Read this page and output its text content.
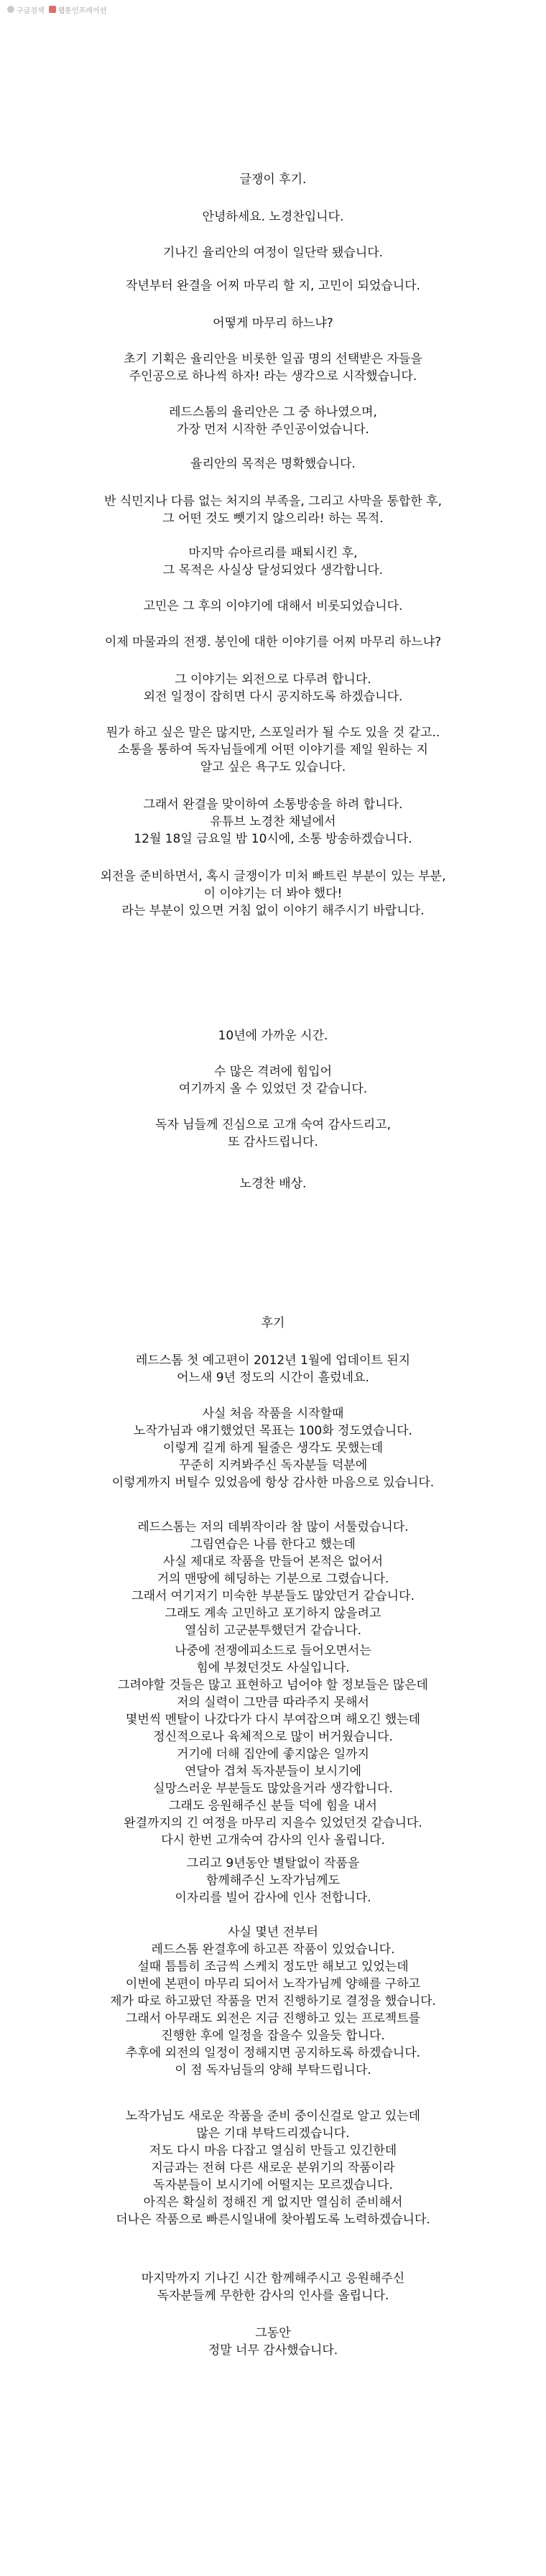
구글검색 웹툰인프레이션
글쟁이 후기.
안녕하세요. 노경찬입니다.
기나긴 율리안의 여정이 일단락 됐습니다.
작년부터 완결을 어찌 마무리 할 지, 고민이 되었습니다.
어떻게 마무리 하느냐?
초기 기획은 율리안을 비롯한 일곱 명의 선택받은 자들을
주인공으로 하나씩 하자! 라는 생각으로 시작했습니다.
레드스톰의 율리안은 그 중 하나였으며,
가장 먼저 시작한 주인공이었습니다.
율리안의 목적은 명확했습니다.
반 식민지나 다름 없는 처지의 부족을, 그리고 사막을 통합한 후,
그 어떤 것도 뺏기지 않으리라! 하는 목적.
마지막 슈아르리를 패퇴시킨 후,
그 목적은 사실상 달성되었다 생각합니다.
고민은 그 후의 이야기에 대해서 비롯되었습니다.
이제 마물과의 전쟁. 봉인에 대한 이야기를 어찌 마무리 하느냐?
그 이야기는 외전으로 다루려 합니다.
외전 일정이 잡히면 다시 공지하도록 하겠습니다.
뭔가 하고 싶은 말은 많지만, 스포일러가 될 수도 있을 것 같고..
소통을 통하여 독자님들에게 어떤 이야기를 제일 원하는 지
알고 싶은 욕구도 있습니다.
그래서 완결을 맞이하여 소통방송을 하려 합니다.
유튜브 노경찬 채널에서
12월 18일 금요일 밤 10시에, 소통 방송하겠습니다.
외전을 준비하면서, 혹시 글쟁이가 미처 빠트린 부분이 있는 부분,
이 이야기는 더 봐야 했다!
라는 부분이 있으면 거침 없이 이야기 해주시기 바랍니다.
10년에 가까운 시간.
수 많은 격려에 힘입어
여기까지 올 수 있었던 것 같습니다.
독자 님들께 진심으로 고개 숙여 감사드리고,
또 감사드립니다.
노경찬 배상.
후기
레드스톰 첫 예고편이 2012년 1월에 업데이트 된지
어느새 9년 정도의 시간이 흘렀네요.
사실 처음 작품을 시작할때
노작가님과 얘기했었던 목표는 100화 정도였습니다.
이렇게 길게 하게 될줄은 생각도 못했는데
꾸준히 지켜봐주신 독자분들 덕분에
이렇게까지 버틸수 있었음에 항상 감사한 마음으로 있습니다.
레드스톰는 저의 데뷔작이라 참 많이 서툴렀습니다.
그림연습은 나름 한다고 했는데
사실 제대로 작품을 만들어 본적은 없어서
거의 맨땅에 헤딩하는 기분으로 그렸습니다.
그래서 여기저기 미숙한 부분들도 많았던거 같습니다.
그래도 계속 고민하고 포기하지 않을려고
열심히 고군분투했던거 같습니다.
나중에 전쟁에피소드로 들어오면서는
힘에 부쳤던것도 사실입니다.
그려야할 것들은 많고 표현하고 넘어야 할 정보들은 많은데
저의 실력이 그만큼 따라주지 못해서
몇번씩 멘탈이 나갔다가 다시 부여잡으며 해오긴 했는데
정신적으로나 육체적으로 많이 버거웠습니다.
거기에 더해 집안에 좋지않은 일까지
연달아 겹쳐 독자분들이 보시기에
실망스러운 부분들도 많았을거라 생각합니다.
그래도 응원해주신 분들 덕에 힘을 내서
완결까지의 긴 여정을 마무리 지을수 있었던것 같습니다.
다시 한번 고개숙여 감사의 인사 올립니다.
그리고 9년동안 별탈없이 작품을
함께해주신 노작가님께도
이자리를 빌어 감사에 인사 전합니다.
사실 몇년 전부터
레드스톰 완결후에 하고픈 작품이 있었습니다.
설때 틈틈히 조금씩 스케치 정도만 해보고 있었는데
이번에 본편이 마무리 되어서 노작가님께 양해를 구하고
제가 따로 하고팠던 작품을 먼저 진행하기로 결정을 했습니다.
그래서 아무래도 외전은 지금 진행하고 있는 프로젝트를
진행한 후에 일정을 잡을수 있을듯 합니다.
추후에 외전의 일정이 정해지면 공지하도록 하겠습니다.
이 점 독자님들의 양해 부탁드립니다.
노작가님도 새로운 작품을 준비 중이신걸로 알고 있는데
많은 기대 부탁드리겠습니다.
저도 다시 마음 다잡고 열심히 만들고 있긴한데
지금과는 전혀 다른 새로운 분위기의 작품이라
독자분들이 보시기에 어떨지는 모르겠습니다.
아직은 확실히 정해진 게 없지만 열심히 준비해서
더나은 작품으로 빠른시일내에 찾아뵙도록 노력하겠습니다.
마지막까지 기나긴 시간 함께해주시고 응원해주신
독자분들께 무한한 감사의 인사를 올립니다.
그동안
정말 너무 감사했습니다.
